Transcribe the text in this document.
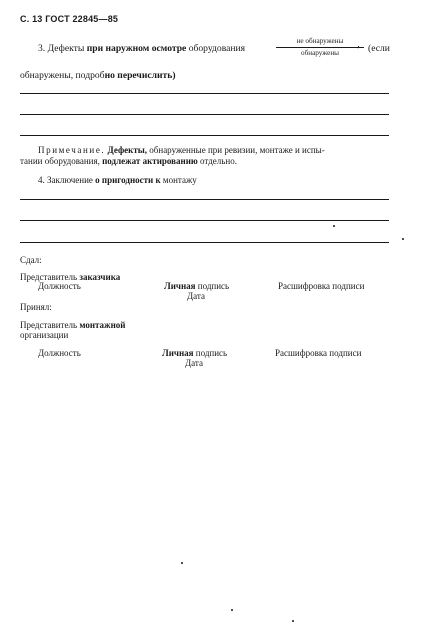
С. 13 ГОСТ 22845—85
3. Дефекты при наружном осмотре оборудования
не обнаружены
обнаружены
‚ (если
обнаружены, подробно перечислить)
Примечание. Дефекты, обнаруженные при ревизии, монтаже и испы-
тании оборудования, подлежат актированию отдельно.
4. Заключение о пригодности к монтажу
Сдал:
Представитель заказчика
Должность	Личная подпись
Дата
Расшифровка подписи
Принял:
Представитель монтажной
организации
Должность	Личная подпись
Дата
Расшифровка подписи
